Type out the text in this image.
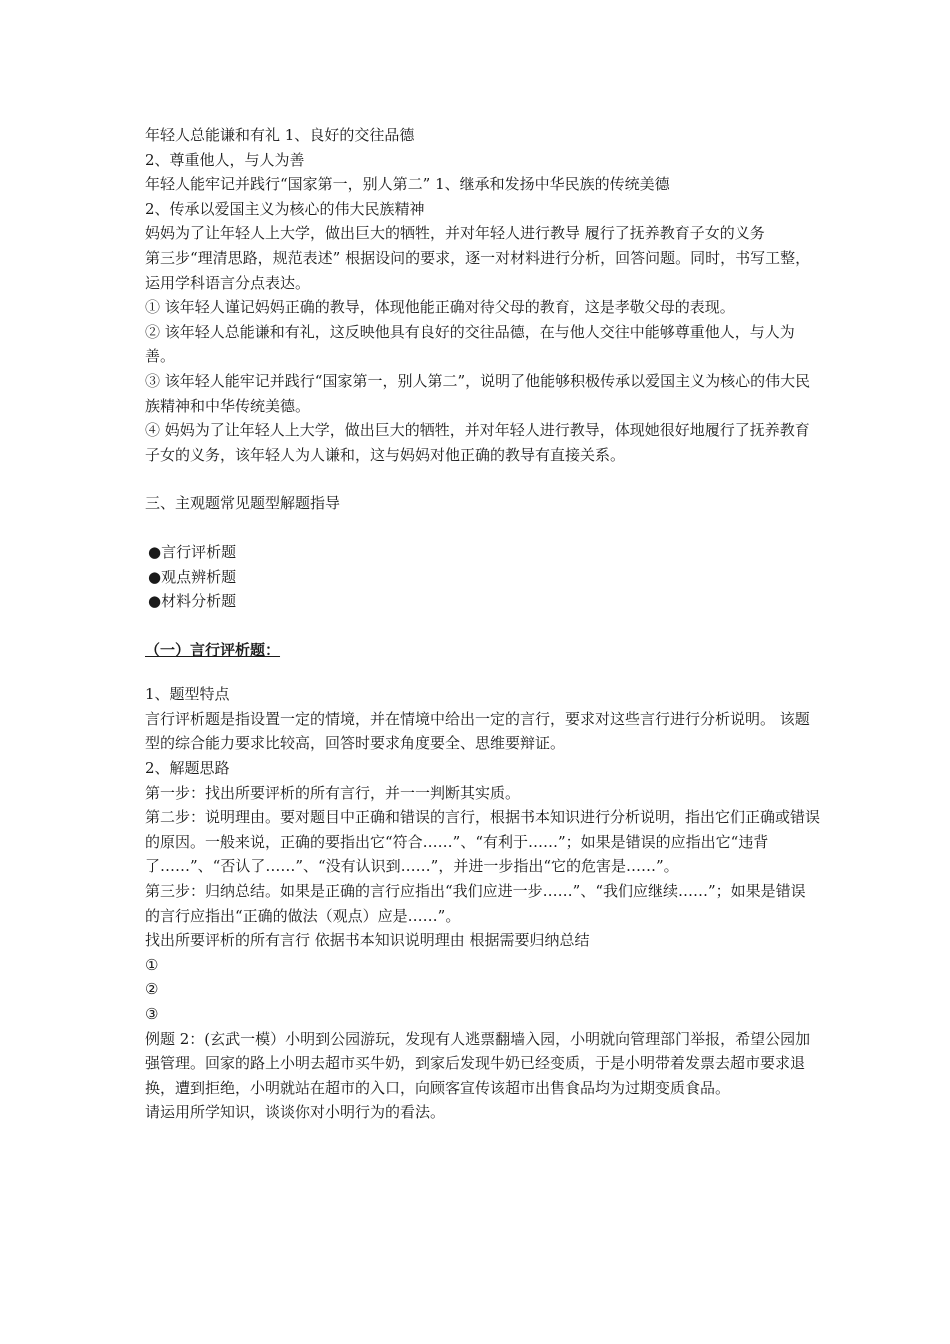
年轻人总能谦和有礼 1、良好的交往品德

2、尊重他人，与人为善

年轻人能牢记并践行“国家第一，别人第二” 1、继承和发扬中华民族的传统美德

2、传承以爱国主义为核心的伟大民族精神

妈妈为了让年轻人上大学，做出巨大的牺牲，并对年轻人进行教导 履行了抚养教育子女的义务

第三步“理清思路，规范表述” 根据设问的要求，逐一对材料进行分析，回答问题。同时，书写工整，运用学科语言分点表达。

① 该年轻人谨记妈妈正确的教导，体现他能正确对待父母的教育，这是孝敬父母的表现。

② 该年轻人总能谦和有礼，这反映他具有良好的交往品德，在与他人交往中能够尊重他人，与人为善。

③ 该年轻人能牢记并践行“国家第一，别人第二”，说明了他能够积极传承以爱国主义为核心的伟大民族精神和中华传统美德。

④ 妈妈为了让年轻人上大学，做出巨大的牺牲，并对年轻人进行教导，体现她很好地履行了抚养教育子女的义务，该年轻人为人谦和，这与妈妈对他正确的教导有直接关系。

三、主观题常见题型解题指导

●言行评析题

●观点辨析题

●材料分析题

（一）言行评析题：

1、题型特点

言行评析题是指设置一定的情境，并在情境中给出一定的言行，要求对这些言行进行分析说明。 该题型的综合能力要求比较高，回答时要求角度要全、思维要辩证。

2、解题思路

第一步：找出所要评析的所有言行，并一一判断其实质。

第二步：说明理由。要对题目中正确和错误的言行，根据书本知识进行分析说明，指出它们正确或错误的原因。一般来说，正确的要指出它“符合……”、“有利于……”；如果是错误的应指出它“违背了……”、“否认了……”、“没有认识到……”，并进一步指出“它的危害是……”。

第三步：归纳总结。如果是正确的言行应指出“我们应进一步……”、“我们应继续……”；如果是错误的言行应指出“正确的做法（观点）应是……”。

找出所要评析的所有言行 依据书本知识说明理由 根据需要归纳总结

①

②

③

例题 2：(玄武一模）小明到公园游玩，发现有人逃票翻墙入园，小明就向管理部门举报，希望公园加强管理。回家的路上小明去超市买牛奶，到家后发现牛奶已经变质，于是小明带着发票去超市要求退换，遭到拒绝，小明就站在超市的入口，向顾客宣传该超市出售食品均为过期变质食品。

请运用所学知识，谈谈你对小明行为的看法。
